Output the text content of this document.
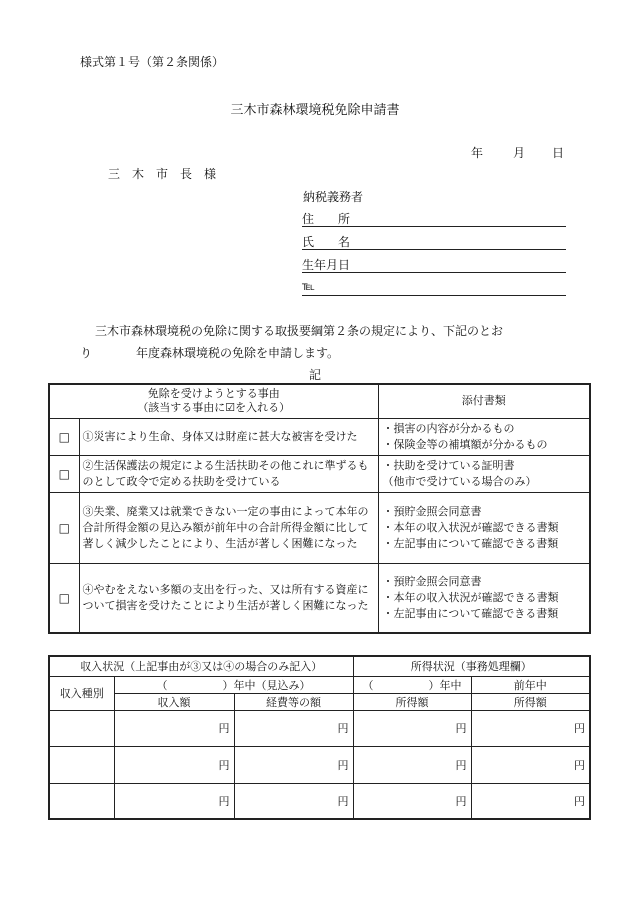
様式第１号（第２条関係）
三木市森林環境税免除申請書
年 月 日
三　木　市　長　様
納税義務者
住　　所
氏　　名
生年月日
℡
三木市森林環境税の免除に関する取扱要綱第２条の規定により、下記のとお
り	年度森林環境税の免除を申請します。
記
免除を受けようとする事由
（該当する事由に☑を入れる）		添付書類
□	①災害により生命、身体又は財産に甚大な被害を受けた	・損害の内容が分かるもの
・保険金等の補填額が分かるもの

□	②生活保護法の規定による生活扶助その他これに準ずるものとして政令で定める扶助を受けている	・扶助を受けている証明書
（他市で受けている場合のみ）

□	③失業、廃業又は就業できない一定の事由によって本年の合計所得金額の見込み額が前年中の合計所得金額に比して著しく減少したことにより、生活が著しく困難になった	・預貯金照会同意書
・本年の収入状況が確認できる書類
・左記事由について確認できる書類

□	④やむをえない多額の支出を行った、又は所有する資産について損害を受けたことにより生活が著しく困難になった	・預貯金照会同意書
・本年の収入状況が確認できる書類
・左記事由について確認できる書類
収入状況（上記事由が③又は④の場合のみ記入）			所得状況（事務処理欄）	
収入種別	（　　　　　）年中（見込み）		（　　　　　）年中	前年中
	収入額	経費等の額	所得額	所得額
	円	円	円	円
	円	円	円	円
	円	円	円	円
